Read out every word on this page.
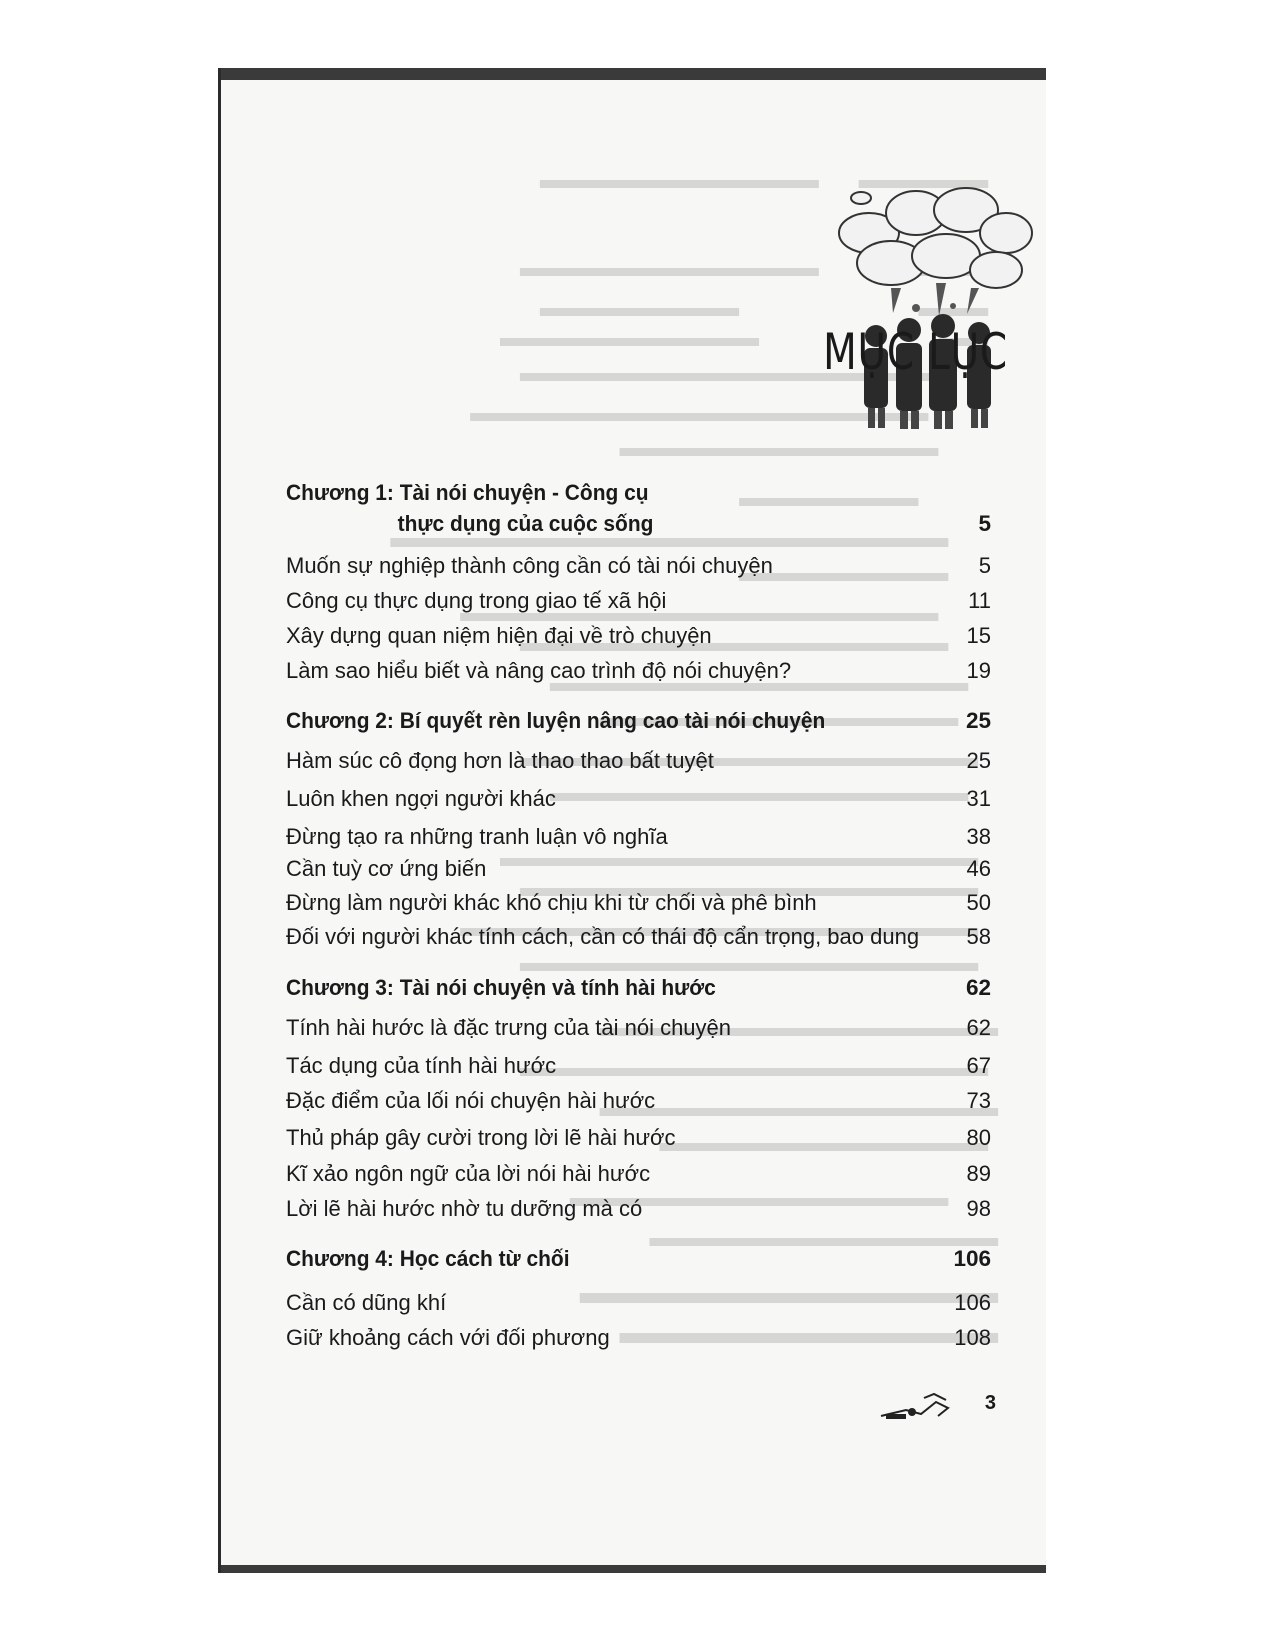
MỤC LỤC
Chương 1: Tài nói chuyện - Công cụ
thực dụng của cuộc sống	5
Muốn sự nghiệp thành công cần có tài nói chuyện	5
Công cụ thực dụng trong giao tế xã hội	11
Xây dựng quan niệm hiện đại về trò chuyện	15
Làm sao hiểu biết và nâng cao trình độ nói chuyện?	19
Chương 2: Bí quyết rèn luyện nâng cao tài nói chuyện	25
Hàm súc cô đọng hơn là thao thao bất tuyệt	25
Luôn khen ngợi người khác	31
Đừng tạo ra những tranh luận vô nghĩa	38
Cần tuỳ cơ ứng biến	46
Đừng làm người khác khó chịu khi từ chối và phê bình	50
Đối với người khác tính cách, cần có thái độ cẩn trọng, bao dung	58
Chương 3: Tài nói chuyện và tính hài hước	62
Tính hài hước là đặc trưng của tài nói chuyện	62
Tác dụng của tính hài hước	67
Đặc điểm của lối nói chuyện hài hước	73
Thủ pháp gây cười trong lời lẽ hài hước	80
Kĩ xảo ngôn ngữ của lời nói hài hước	89
Lời lẽ hài hước nhờ tu dưỡng mà có	98
Chương 4: Học cách từ chối	106
Cần có dũng khí	106
Giữ khoảng cách với đối phương	108
3
